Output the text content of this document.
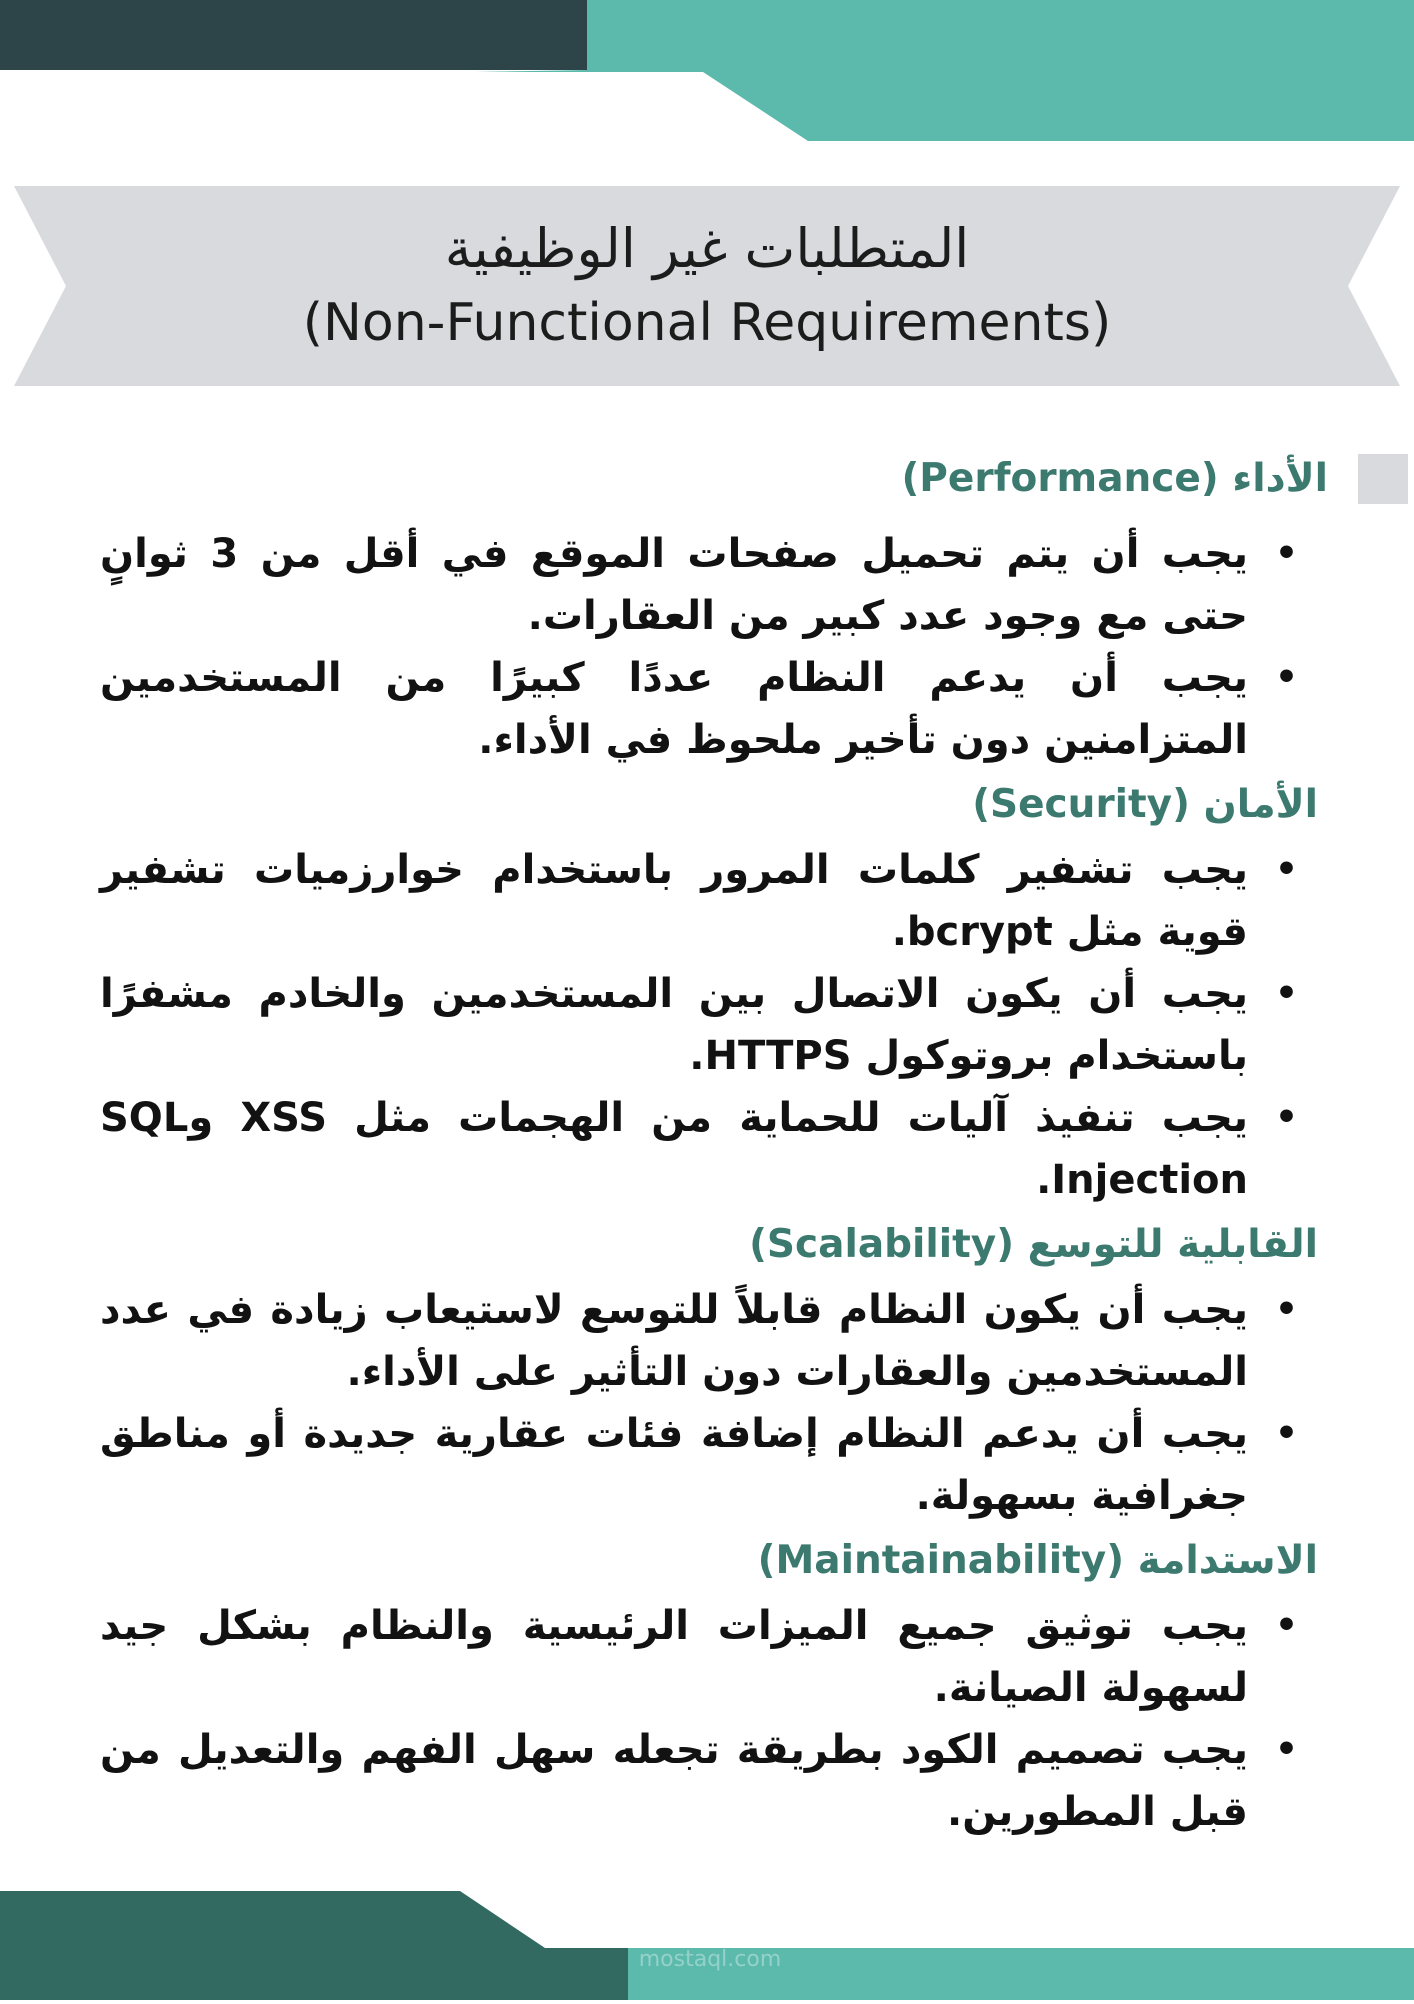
المتطلبات غير الوظيفية
(Non-Functional Requirements)
الأداء (Performance)
• يجب أن يتم تحميل صفحات الموقع في أقل من 3 ثوانٍ حتى مع وجود عدد كبير من العقارات.
• يجب أن يدعم النظام عددًا كبيرًا من المستخدمين المتزامنين دون تأخير ملحوظ في الأداء.
الأمان (Security)
• يجب تشفير كلمات المرور باستخدام خوارزميات تشفير قوية مثل bcrypt.
• يجب أن يكون الاتصال بين المستخدمين والخادم مشفرًا باستخدام بروتوكول HTTPS.
• يجب تنفيذ آليات للحماية من الهجمات مثل XSS وSQL Injection.
القابلية للتوسع (Scalability)
• يجب أن يكون النظام قابلاً للتوسع لاستيعاب زيادة في عدد المستخدمين والعقارات دون التأثير على الأداء.
• يجب أن يدعم النظام إضافة فئات عقارية جديدة أو مناطق جغرافية بسهولة.
الاستدامة (Maintainability)
• يجب توثيق جميع الميزات الرئيسية والنظام بشكل جيد لسهولة الصيانة.
• يجب تصميم الكود بطريقة تجعله سهل الفهم والتعديل من قبل المطورين.
مستقل
mostaql.com
